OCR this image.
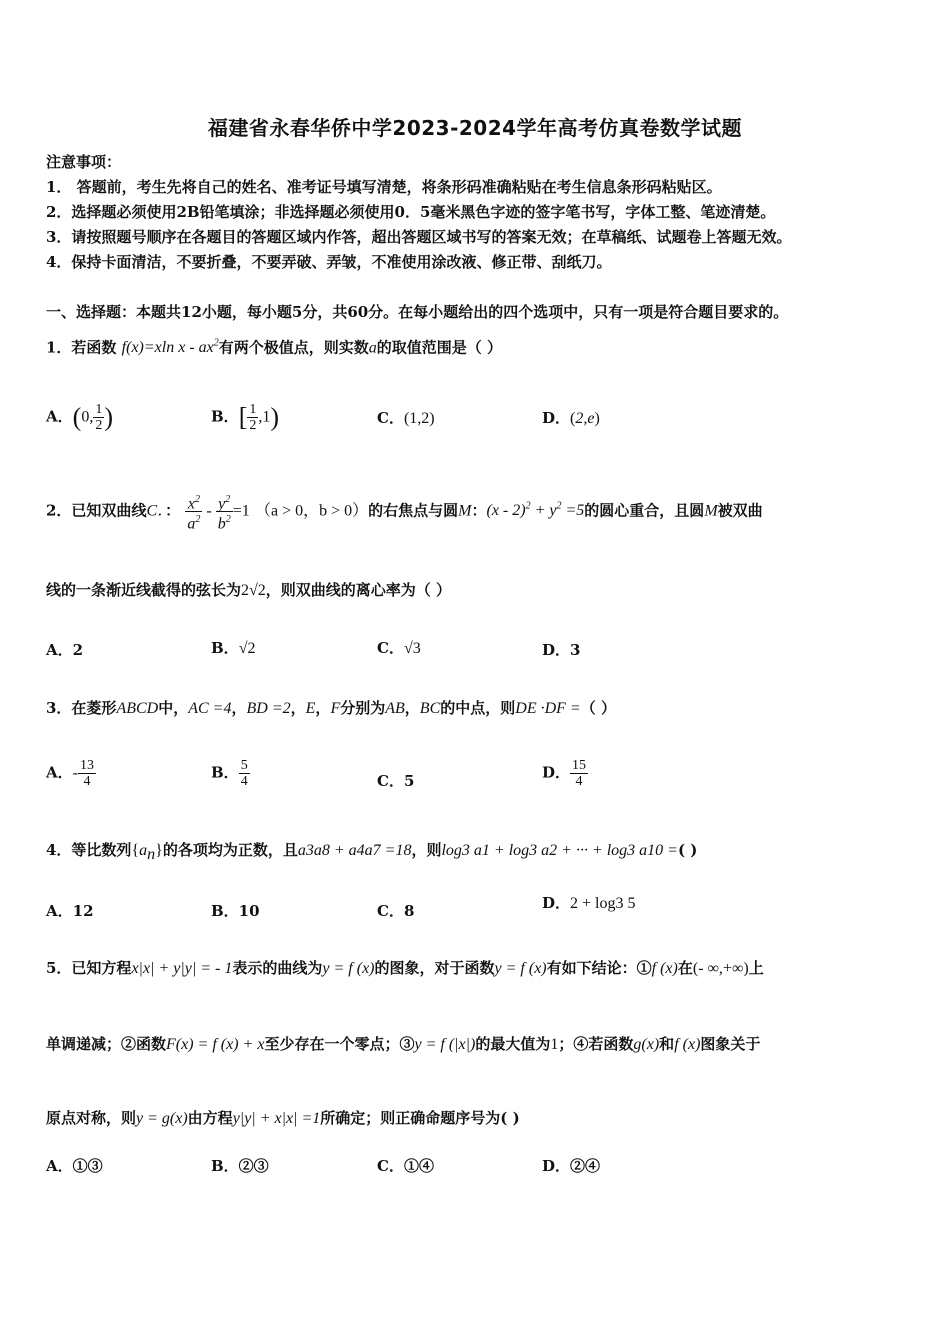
福建省永春华侨中学2023-2024学年高考仿真卷数学试题
注意事项：
1． 答题前，考生先将自己的姓名、准考证号填写清楚，将条形码准确粘贴在考生信息条形码粘贴区。
2．选择题必须使用2B铅笔填涂；非选择题必须使用0．5毫米黑色字迹的签字笔书写，字体工整、笔迹清楚。
3．请按照题号顺序在各题目的答题区域内作答，超出答题区域书写的答案无效；在草稿纸、试题卷上答题无效。
4．保持卡面清洁，不要折叠，不要弄破、弄皱，不准使用涂改液、修正带、刮纸刀。
一、选择题：本题共12小题，每小题5分，共60分。在每小题给出的四个选项中，只有一项是符合题目要求的。
1．若函数 f(x)=xln x - $ax^2$有两个极值点，则实数a的取值范围是（ ）
A．(0, $\frac{1}{2}$ )	B．[ $\frac{1}{2} ,1$)	C．(1,2)	D．(2,e)
2．已知双曲线C．： $\frac{x^2}{a^2} - \frac{y^2}{b^2} =1$ （a > 0，b > 0）的右焦点与圆M：$(x - 2)^2 + y^2 =5$的圆心重合，且圆M被双曲
线的一条渐近线截得的弦长为2√2，则双曲线的离心率为（ ）
A．2	B．√2	C．√3	D．3
3．在菱形ABCD中，AC =4，BD =2，E，F分别为AB，BC的中点，则DE ·DF =（ ）
A．- $\frac{13}{4}$	B． $\frac{5}{4}$	C．5	D． $\frac{15}{4}$
4．等比数列$\{a_n\}$的各项均为正数，且a3a8 + a4a7 =18，则log3 a1 + log3 a2 + ··· + log3 a10 =( )
A．12	B．10	C．8	D．2 + log3 5
5．已知方程x|x| + y|y| = - 1表示的曲线为y = f (x)的图象，对于函数y = f (x)有如下结论：①f (x)在(- ∞,+∞)上
单调递减；②函数F(x) = f (x) + x至少存在一个零点；③y = f (|x|)的最大值为1；④若函数g(x)和f (x)图象关于
原点对称，则y = g(x)由方程y|y| + x|x| =1所确定；则正确命题序号为( )
A．①③	B．②③	C．①④	D．②④
